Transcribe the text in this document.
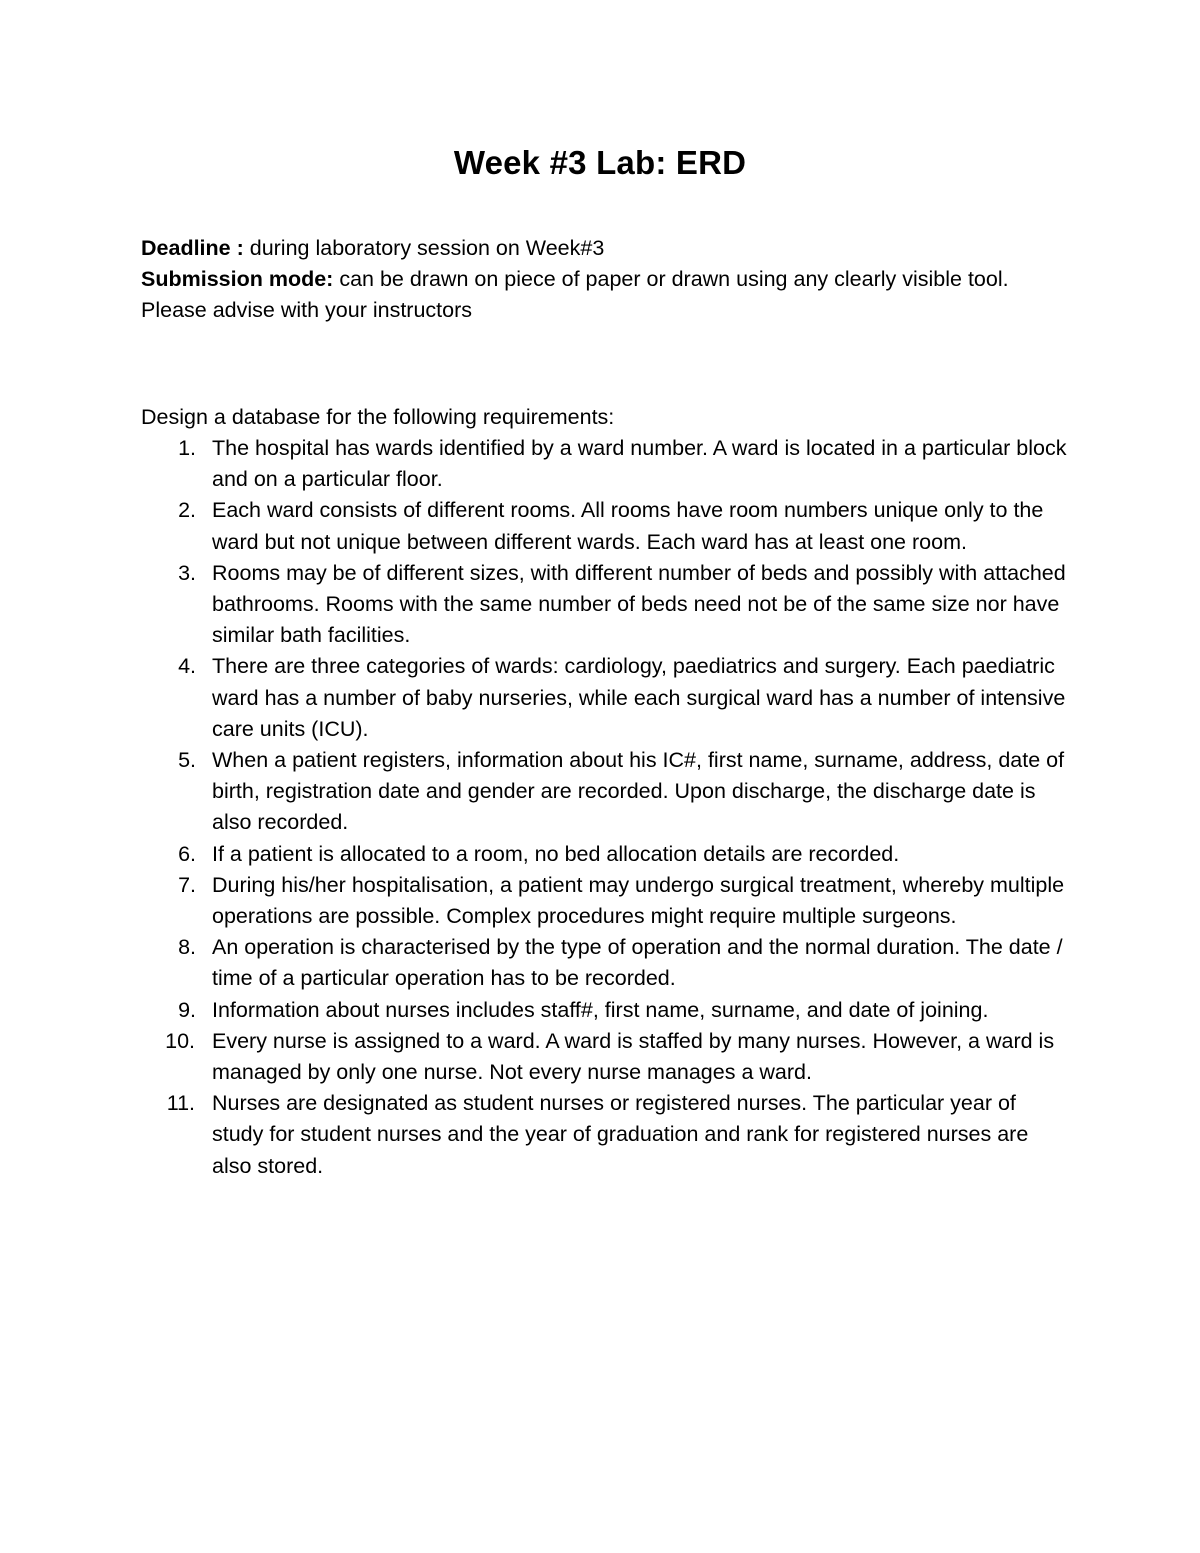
Week #3 Lab: ERD

Deadline : during laboratory session on Week#3

Submission mode: can be drawn on piece of paper or drawn using any clearly visible tool. Please advise with your instructors

Design a database for the following requirements:

1. The hospital has wards identified by a ward number. A ward is located in a particular block and on a particular floor.
2. Each ward consists of different rooms. All rooms have room numbers unique only to the ward but not unique between different wards. Each ward has at least one room.
3. Rooms may be of different sizes, with different number of beds and possibly with attached bathrooms. Rooms with the same number of beds need not be of the same size nor have similar bath facilities.
4. There are three categories of wards: cardiology, paediatrics and surgery. Each paediatric ward has a number of baby nurseries, while each surgical ward has a number of intensive care units (ICU).
5. When a patient registers, information about his IC#, first name, surname, address, date of birth, registration date and gender are recorded. Upon discharge, the discharge date is also recorded.
6. If a patient is allocated to a room, no bed allocation details are recorded.
7. During his/her hospitalisation, a patient may undergo surgical treatment, whereby multiple operations are possible. Complex procedures might require multiple surgeons.
8. An operation is characterised by the type of operation and the normal duration. The date / time of a particular operation has to be recorded.
9. Information about nurses includes staff#, first name, surname, and date of joining.
10. Every nurse is assigned to a ward. A ward is staffed by many nurses. However, a ward is managed by only one nurse. Not every nurse manages a ward.
11. Nurses are designated as student nurses or registered nurses. The particular year of study for student nurses and the year of graduation and rank for registered nurses are also stored.
